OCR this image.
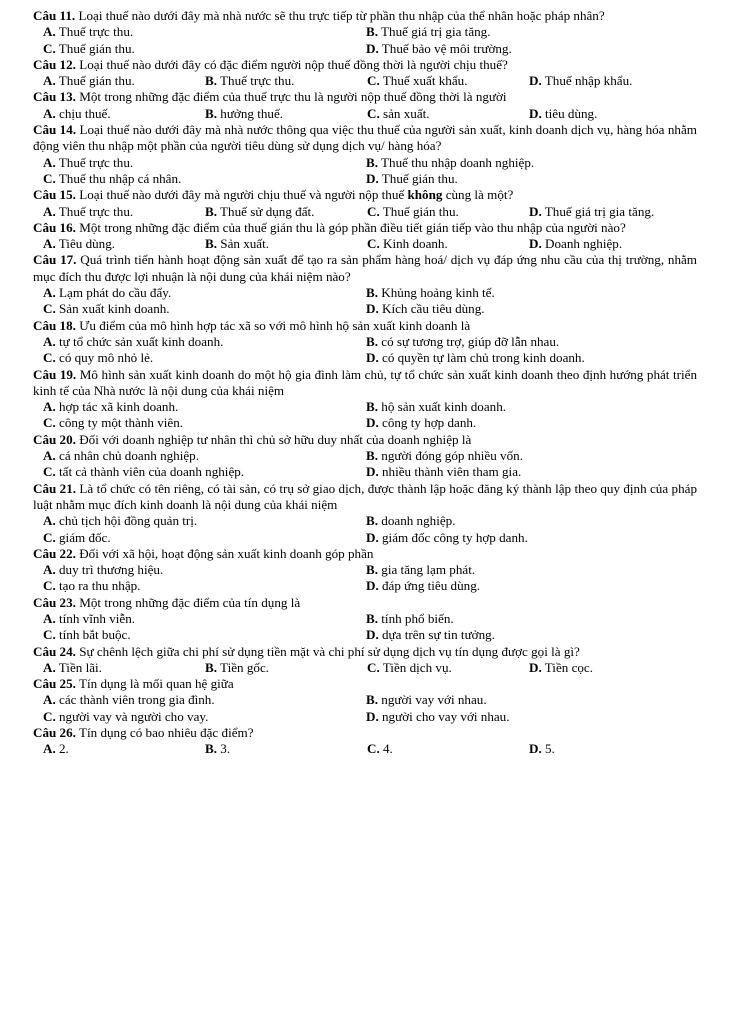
Câu 11. Loại thuế nào dưới đây mà nhà nước sẽ thu trực tiếp từ phần thu nhập của thể nhân hoặc pháp nhân?
A. Thuế trực thu.	B. Thuế giá trị gia tăng.
C. Thuế gián thu.	D. Thuế bảo vệ môi trường.
Câu 12. Loại thuế nào dưới đây có đặc điểm người nộp thuế đồng thời là người chịu thuế?
A. Thuế gián thu.	B. Thuế trực thu.	C. Thuế xuất khẩu.	D. Thuế nhập khẩu.
Câu 13. Một trong những đặc điểm của thuế trực thu là người nộp thuế đồng thời là người
A. chịu thuế.	B. hưởng thuế.	C. sản xuất.	D. tiêu dùng.
Câu 14. Loại thuế nào dưới đây mà nhà nước thông qua việc thu thuế của người sản xuất, kinh doanh dịch vụ, hàng hóa nhằm động viên thu nhập một phần của người tiêu dùng sử dụng dịch vụ/ hàng hóa?
A. Thuế trực thu.	B. Thuế thu nhập doanh nghiệp.
C. Thuế thu nhập cá nhân.	D. Thuế gián thu.
Câu 15. Loại thuế nào dưới đây mà người chịu thuế và người nộp thuế không cùng là một?
A. Thuế trực thu.	B. Thuế sử dụng đất.	C. Thuế gián thu.	D. Thuế giá trị gia tăng.
Câu 16. Một trong những đặc điểm của thuế gián thu là góp phần điều tiết gián tiếp vào thu nhập của người nào?
A. Tiêu dùng.	B. Sản xuất.	C. Kinh doanh.	D. Doanh nghiệp.
Câu 17. Quá trình tiến hành hoạt động sản xuất để tạo ra sản phẩm hàng hoá/ dịch vụ đáp ứng nhu cầu của thị trường, nhằm mục đích thu được lợi nhuận là nội dung của khái niệm nào?
A. Lạm phát do cầu đẩy.	B. Khủng hoảng kinh tế.
C. Sản xuất kinh doanh.	D. Kích cầu tiêu dùng.
Câu 18. Ưu điểm của mô hình hợp tác xã so với mô hình hộ sản xuất kinh doanh là
A. tự tổ chức sản xuất kinh doanh.	B. có sự tương trợ, giúp đỡ lẫn nhau.
C. có quy mô nhỏ lẻ.	D. có quyền tự làm chủ trong kinh doanh.
Câu 19. Mô hình sản xuất kinh doanh do một hộ gia đình làm chủ, tự tổ chức sản xuất kinh doanh theo định hướng phát triển kinh tế của Nhà nước là nội dung của khái niệm
A. hợp tác xã kinh doanh.	B. hộ sản xuất kinh doanh.
C. công ty một thành viên.	D. công ty hợp danh.
Câu 20. Đối với doanh nghiệp tư nhân thì chủ sở hữu duy nhất của doanh nghiệp là
A. cá nhân chủ doanh nghiệp.	B. người đóng góp nhiều vốn.
C. tất cả thành viên của doanh nghiệp.	D. nhiều thành viên tham gia.
Câu 21. Là tổ chức có tên riêng, có tài sản, có trụ sở giao dịch, được thành lập hoặc đăng ký thành lập theo quy định của pháp luật nhằm mục đích kinh doanh là nội dung của khái niệm
A. chủ tịch hội đồng quản trị.	B. doanh nghiệp.
C. giám đốc.	D. giám đốc công ty hợp danh.
Câu 22. Đối với xã hội, hoạt động sản xuất kinh doanh góp phần
A. duy trì thương hiệu.	B. gia tăng lạm phát.
C. tạo ra thu nhập.	D. đáp ứng tiêu dùng.
Câu 23. Một trong những đặc điểm của tín dụng là
A. tính vĩnh viễn.	B. tính phổ biến.
C. tính bắt buộc.	D. dựa trên sự tin tưởng.
Câu 24. Sự chênh lệch giữa chi phí sử dụng tiền mặt và chi phí sử dụng dịch vụ tín dụng được gọi là gì?
A. Tiền lãi.	B. Tiền gốc.	C. Tiền dịch vụ.	D. Tiền cọc.
Câu 25. Tín dụng là mối quan hệ giữa
A. các thành viên trong gia đình.	B. người vay với nhau.
C. người vay và người cho vay.	D. người cho vay với nhau.
Câu 26. Tín dụng có bao nhiêu đặc điểm?
A. 2.	B. 3.	C. 4.	D. 5.
